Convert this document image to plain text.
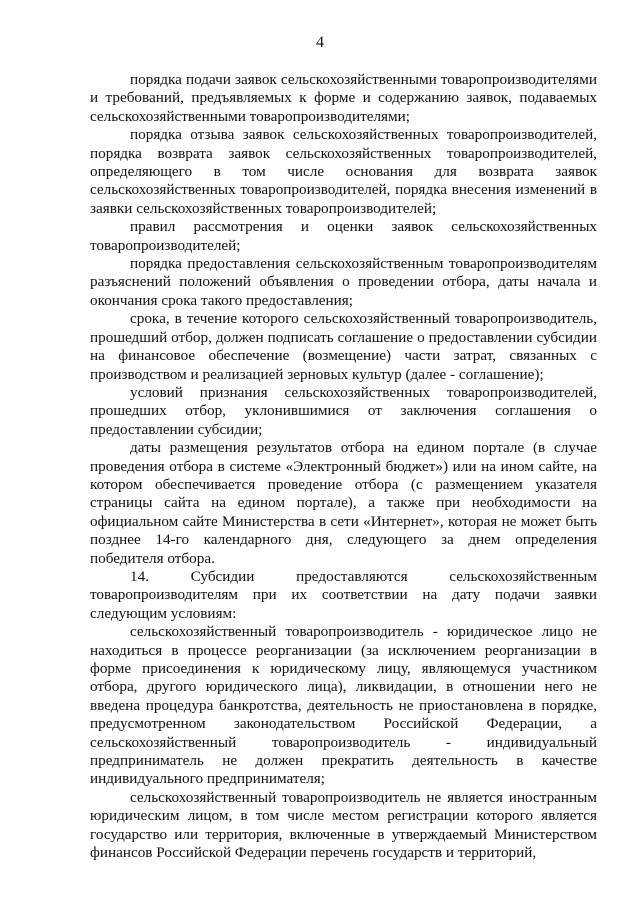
4

порядка подачи заявок сельскохозяйственными товаропроизводителями и требований, предъявляемых к форме и содержанию заявок, подаваемых сельскохозяйственными товаропроизводителями;

порядка отзыва заявок сельскохозяйственных товаропроизводителей, порядка возврата заявок сельскохозяйственных товаропроизводителей, определяющего в том числе основания для возврата заявок сельскохозяйственных товаропроизводителей, порядка внесения изменений в заявки сельскохозяйственных товаропроизводителей;

правил рассмотрения и оценки заявок сельскохозяйственных товаропроизводителей;

порядка предоставления сельскохозяйственным товаропроизводителям разъяснений положений объявления о проведении отбора, даты начала и окончания срока такого предоставления;

срока, в течение которого сельскохозяйственный товаропроизводитель, прошедший отбор, должен подписать соглашение о предоставлении субсидии на финансовое обеспечение (возмещение) части затрат, связанных с производством и реализацией зерновых культур (далее - соглашение);

условий признания сельскохозяйственных товаропроизводителей, прошедших отбор, уклонившимися от заключения соглашения о предоставлении субсидии;

даты размещения результатов отбора на едином портале (в случае проведения отбора в системе «Электронный бюджет») или на ином сайте, на котором обеспечивается проведение отбора (с размещением указателя страницы сайта на едином портале), а также при необходимости на официальном сайте Министерства в сети «Интернет», которая не может быть позднее 14-го календарного дня, следующего за днем определения победителя отбора.

14. Субсидии предоставляются сельскохозяйственным товаропроизводителям при их соответствии на дату подачи заявки следующим условиям:

сельскохозяйственный товаропроизводитель - юридическое лицо не находиться в процессе реорганизации (за исключением реорганизации в форме присоединения к юридическому лицу, являющемуся участником отбора, другого юридического лица), ликвидации, в отношении него не введена процедура банкротства, деятельность не приостановлена в порядке, предусмотренном законодательством Российской Федерации, а сельскохозяйственный товаропроизводитель - индивидуальный предприниматель не должен прекратить деятельность в качестве индивидуального предпринимателя;

сельскохозяйственный товаропроизводитель не является иностранным юридическим лицом, в том числе местом регистрации которого является государство или территория, включенные в утверждаемый Министерством финансов Российской Федерации перечень государств и территорий,
